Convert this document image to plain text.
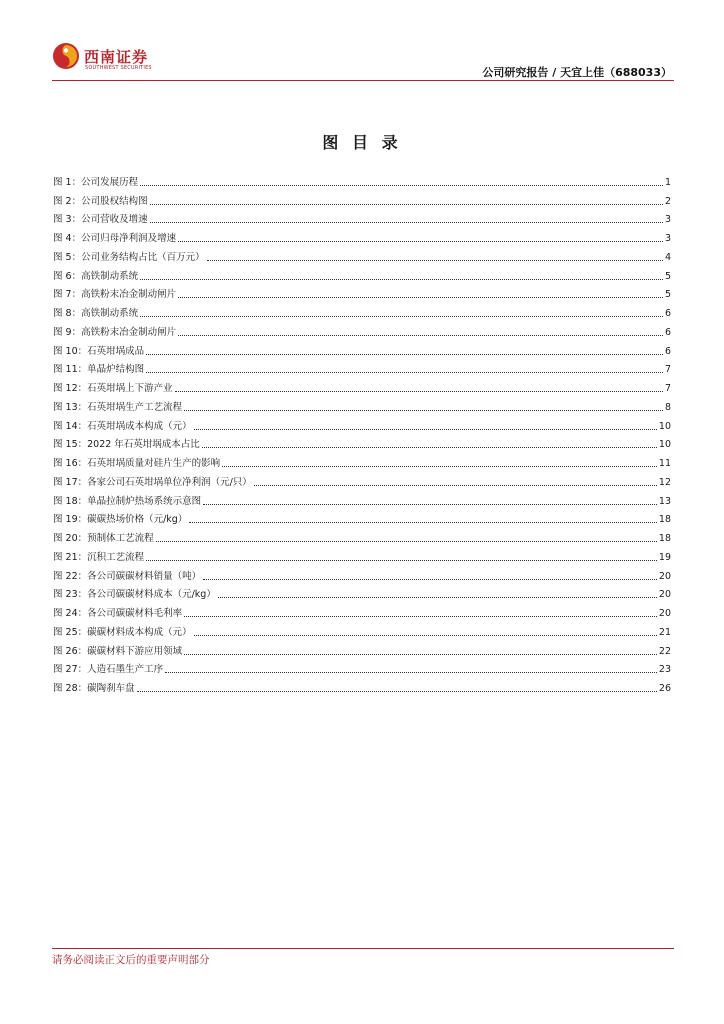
西南证券
SOUTHWEST SECURITIES	公司研究报告 / 天宜上佳（688033）
图 目 录
图 1：公司发展历程	1
图 2：公司股权结构图	2
图 3：公司营收及增速	3
图 4：公司归母净利润及增速	3
图 5：公司业务结构占比（百万元）	4
图 6：高铁制动系统	5
图 7：高铁粉末冶金制动闸片	5
图 8：高铁制动系统	6
图 9：高铁粉末冶金制动闸片	6
图 10：石英坩埚成品	6
图 11：单晶炉结构图	7
图 12：石英坩埚上下游产业	7
图 13：石英坩埚生产工艺流程	8
图 14：石英坩埚成本构成（元）	10
图 15：2022 年石英坩埚成本占比	10
图 16：石英坩埚质量对硅片生产的影响	11
图 17：各家公司石英坩埚单位净利润（元/只）	12
图 18：单晶拉制炉热场系统示意图	13
图 19：碳碳热场价格（元/kg）	18
图 20：预制体工艺流程	18
图 21：沉积工艺流程	19
图 22：各公司碳碳材料销量（吨）	20
图 23：各公司碳碳材料成本（元/kg）	20
图 24：各公司碳碳材料毛利率	20
图 25：碳碳材料成本构成（元）	21
图 26：碳碳材料下游应用领域	22
图 27：人造石墨生产工序	23
图 28：碳陶刹车盘	26
请务必阅读正文后的重要声明部分
